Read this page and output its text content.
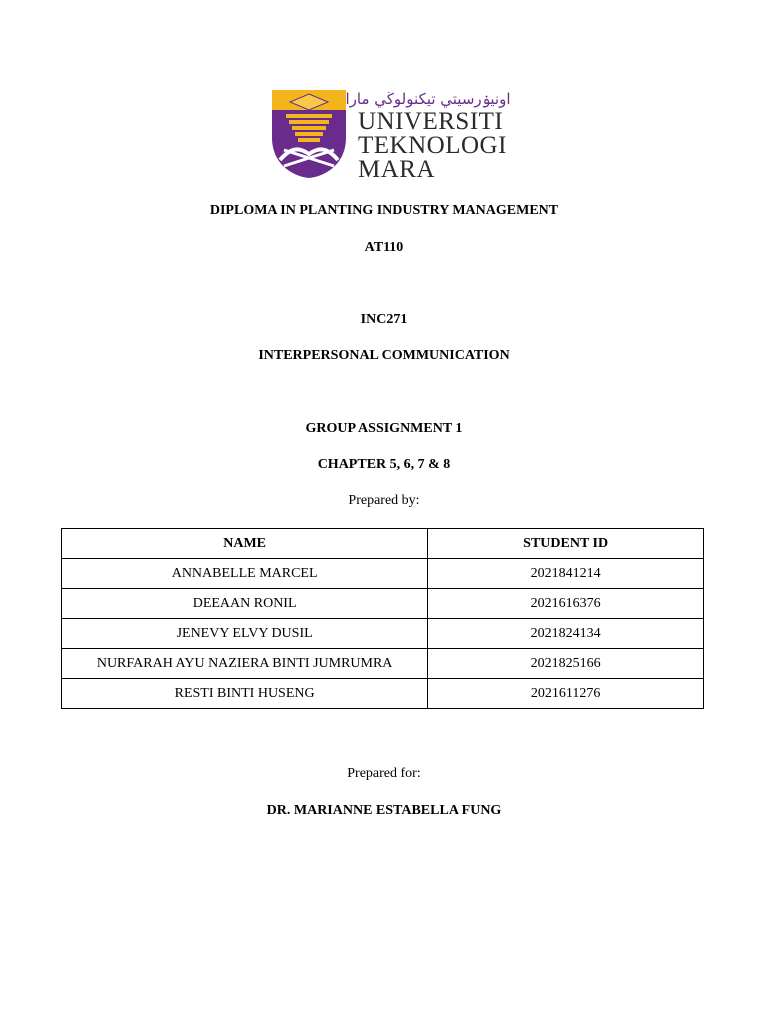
اونيۏرسيتي تيكنولوڬي مارا
UNIVERSITI
TEKNOLOGI
MARA
DIPLOMA IN PLANTING INDUSTRY MANAGEMENT
AT110
INC271
INTERPERSONAL COMMUNICATION
GROUP ASSIGNMENT 1
CHAPTER 5, 6, 7 & 8
Prepared by:
NAME	STUDENT ID
ANNABELLE MARCEL	2021841214
DEEAAN RONIL	2021616376
JENEVY ELVY DUSIL	2021824134
NURFARAH AYU NAZIERA BINTI JUMRUMRA	2021825166
RESTI BINTI HUSENG	2021611276
Prepared for:
DR. MARIANNE ESTABELLA FUNG
